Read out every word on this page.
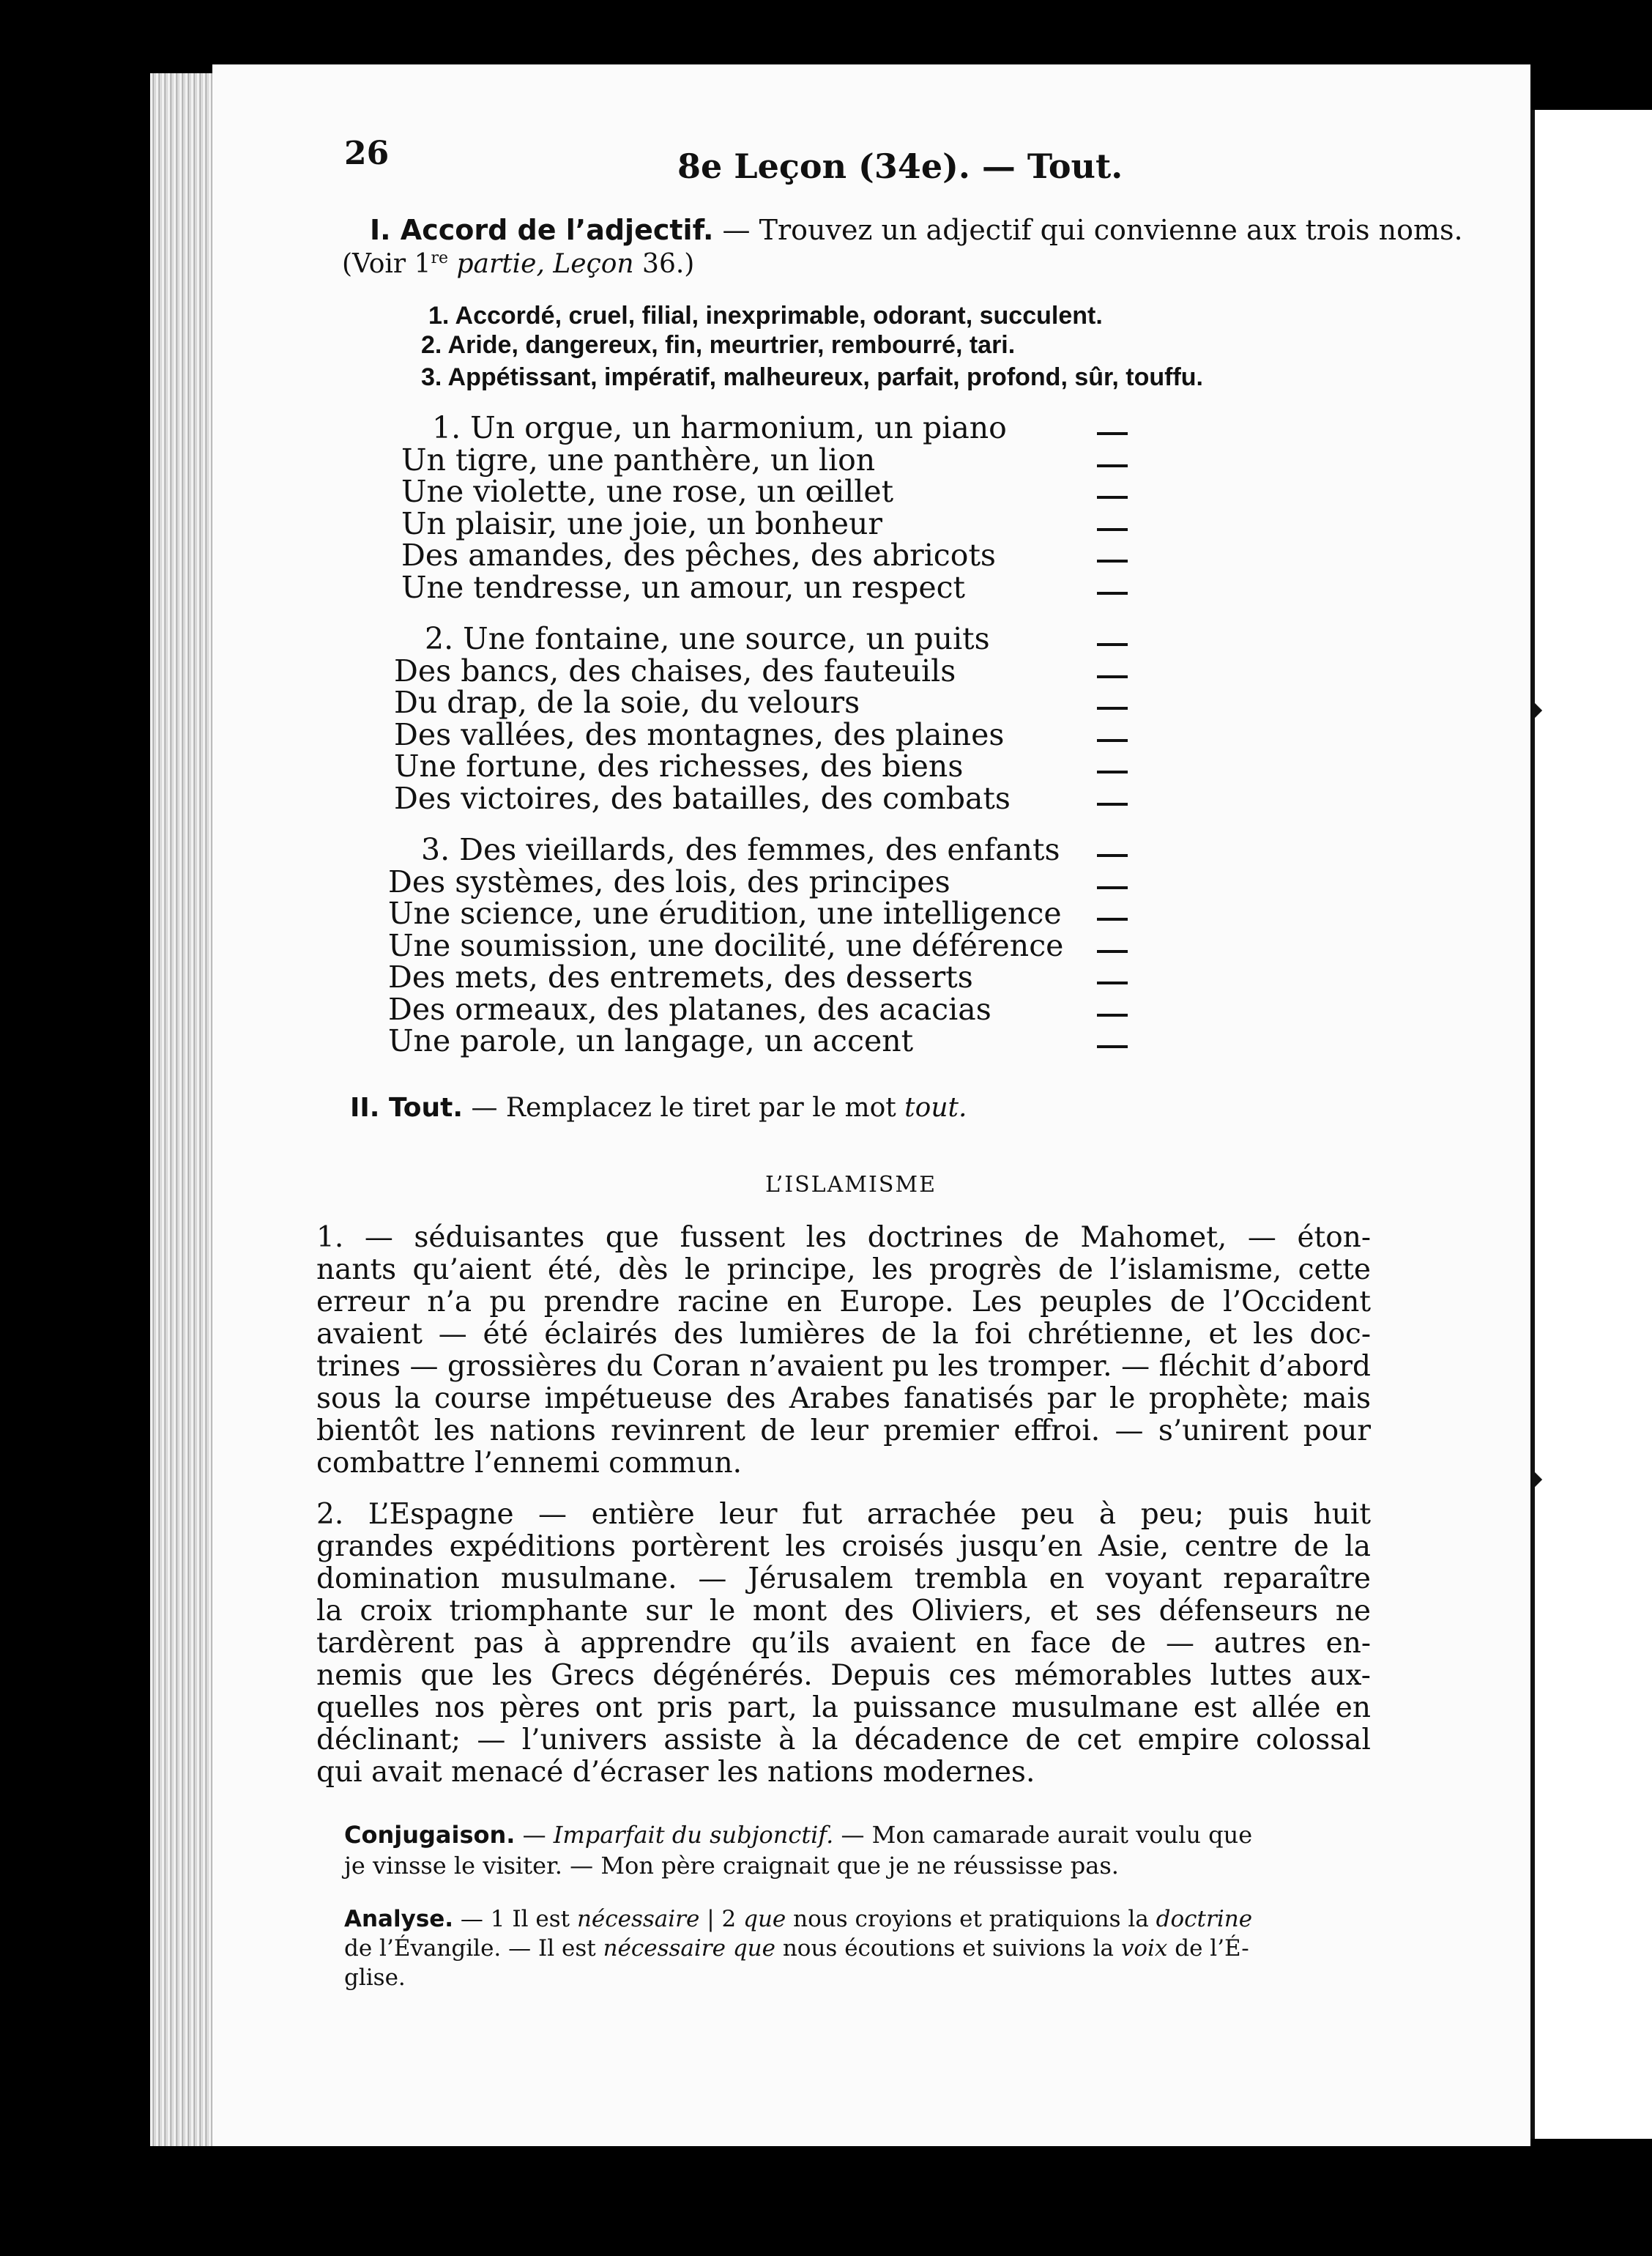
26	8e Leçon (34e). — Tout.
I. Accord de l’adjectif. — Trouvez un adjectif qui convienne aux trois noms.
(Voir 1re partie, Leçon 36.)
1. Accordé, cruel, filial, inexprimable, odorant, succulent.
2. Aride, dangereux, fin, meurtrier, rembourré, tari.
3. Appétissant, impératif, malheureux, parfait, profond, sûr, touffu.
1. Un orgue, un harmonium, un piano
Un tigre, une panthère, un lion
Une violette, une rose, un œillet
Un plaisir, une joie, un bonheur
Des amandes, des pêches, des abricots
Une tendresse, un amour, un respect
2. Une fontaine, une source, un puits
Des bancs, des chaises, des fauteuils
Du drap, de la soie, du velours
Des vallées, des montagnes, des plaines
Une fortune, des richesses, des biens
Des victoires, des batailles, des combats
3. Des vieillards, des femmes, des enfants
Des systèmes, des lois, des principes
Une science, une érudition, une intelligence
Une soumission, une docilité, une déférence
Des mets, des entremets, des desserts
Des ormeaux, des platanes, des acacias
Une parole, un langage, un accent
II. Tout. — Remplacez le tiret par le mot tout.
L’ISLAMISME
1. — séduisantes que fussent les doctrines de Mahomet, — éton-
nants qu’aient été, dès le principe, les progrès de l’islamisme, cette
erreur n’a pu prendre racine en Europe. Les peuples de l’Occident
avaient — été éclairés des lumières de la foi chrétienne, et les doc-
trines — grossières du Coran n’avaient pu les tromper. — fléchit d’abord
sous la course impétueuse des Arabes fanatisés par le prophète; mais
bientôt les nations revinrent de leur premier effroi. — s’unirent pour
combattre l’ennemi commun.
2. L’Espagne — entière leur fut arrachée peu à peu; puis huit
grandes expéditions portèrent les croisés jusqu’en Asie, centre de la
domination musulmane. — Jérusalem trembla en voyant reparaître
la croix triomphante sur le mont des Oliviers, et ses défenseurs ne
tardèrent pas à apprendre qu’ils avaient en face de — autres en-
nemis que les Grecs dégénérés. Depuis ces mémorables luttes aux-
quelles nos pères ont pris part, la puissance musulmane est allée en
déclinant; — l’univers assiste à la décadence de cet empire colossal
qui avait menacé d’écraser les nations modernes.
Conjugaison. — Imparfait du subjonctif. — Mon camarade aurait voulu que
je vinsse le visiter. — Mon père craignait que je ne réussisse pas.
Analyse. — 1 Il est nécessaire | 2 que nous croyions et pratiquions la doctrine
de l’Évangile. — Il est nécessaire que nous écoutions et suivions la voix de l’É-
glise.
